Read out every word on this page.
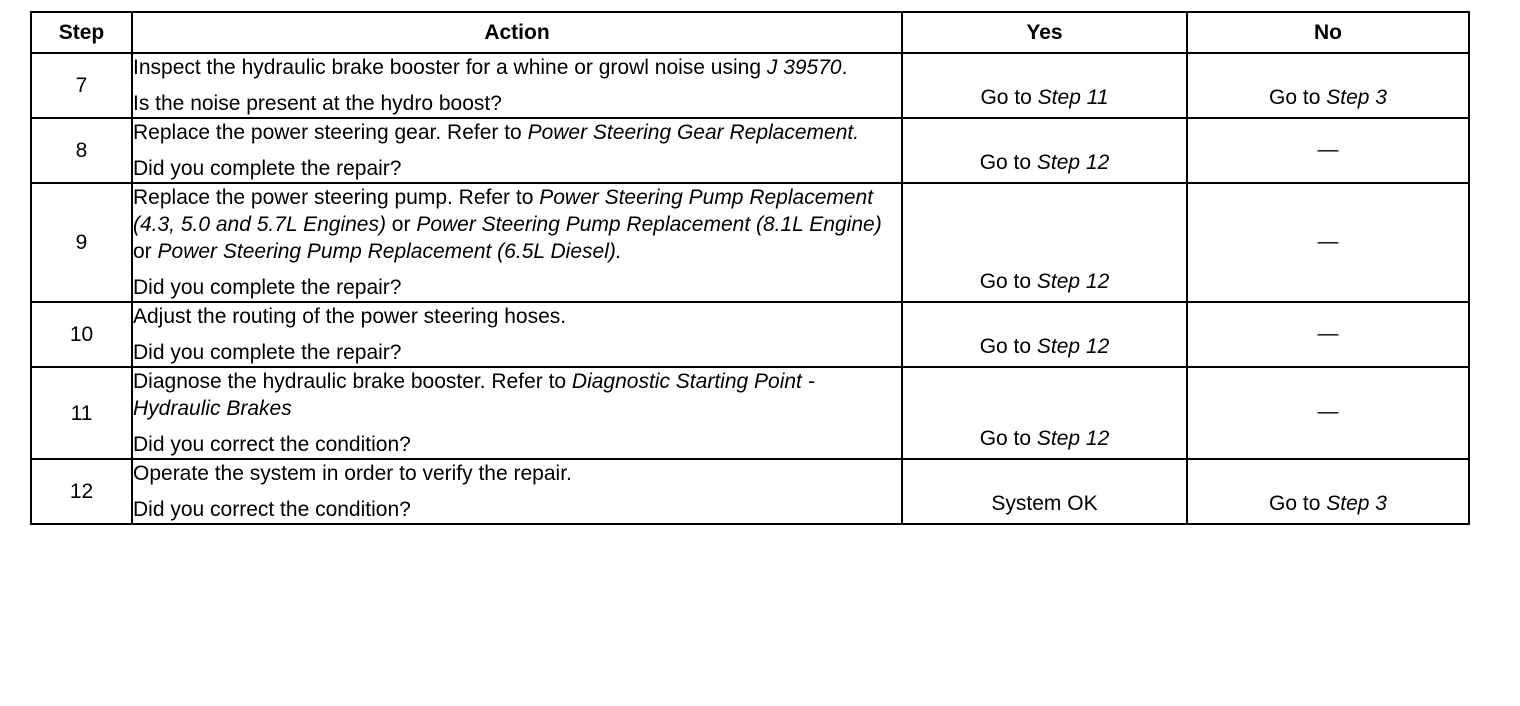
Step	Action	Yes	No
7	Inspect the hydraulic brake booster for a whine or growl noise using J 39570.
Is the noise present at the hydro boost?	Go to Step 11	Go to Step 3

8	Replace the power steering gear. Refer to Power Steering Gear Replacement.
Did you complete the repair?	Go to Step 12	—

9	Replace the power steering pump. Refer to Power Steering Pump Replacement (4.3, 5.0 and 5.7L Engines) or Power Steering Pump Replacement (8.1L Engine) or Power Steering Pump Replacement (6.5L Diesel).
Did you complete the repair?	Go to Step 12	—

10	Adjust the routing of the power steering hoses.
Did you complete the repair?	Go to Step 12	—

11	Diagnose the hydraulic brake booster. Refer to Diagnostic Starting Point - Hydraulic Brakes
Did you correct the condition?	Go to Step 12	—

12	Operate the system in order to verify the repair.
Did you correct the condition?	System OK	Go to Step 3
